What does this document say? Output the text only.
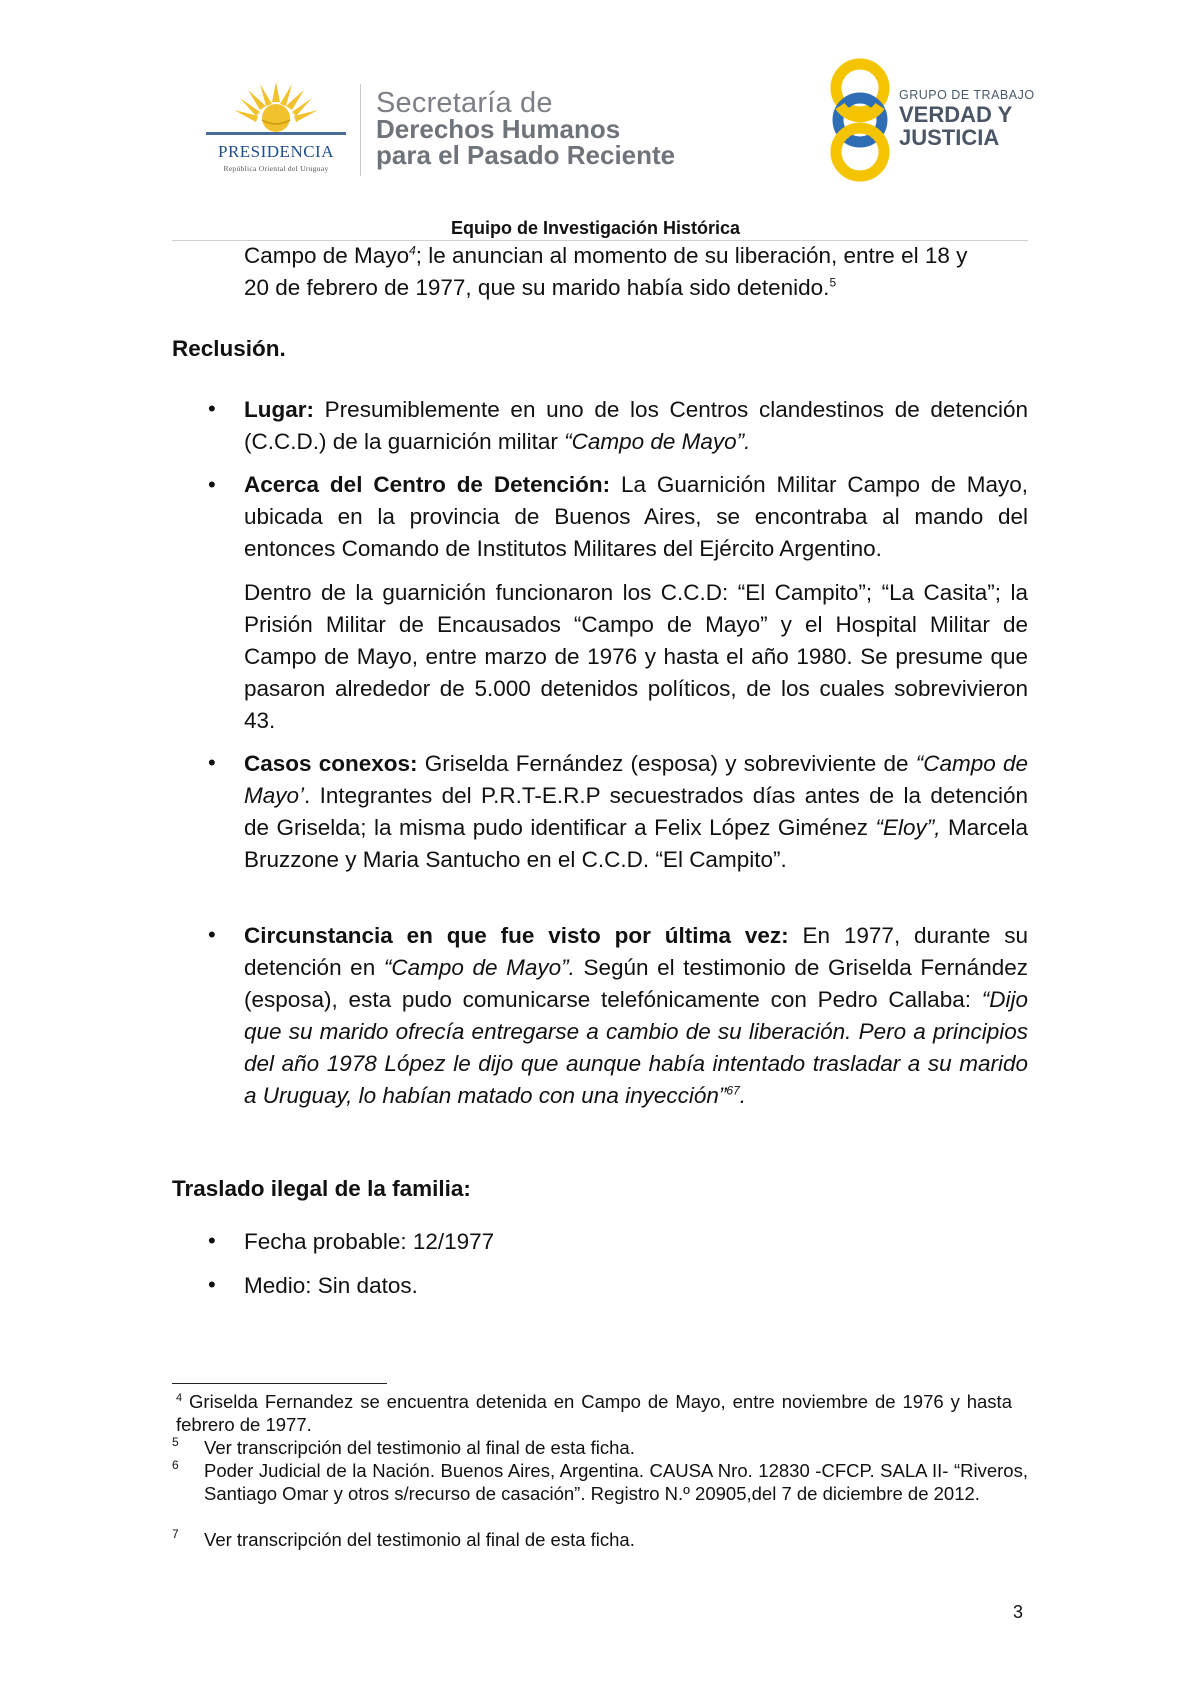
PRESIDENCIA
República Oriental del Uruguay
Secretaría de
Derechos Humanos
para el Pasado Reciente
GRUPO DE TRABAJO
VERDAD Y
JUSTICIA
Equipo de Investigación Histórica
Campo de Mayo$^4$; le anuncian al momento de su liberación, entre el 18 y
20 de febrero de 1977, que su marido había sido detenido.$^5$
Reclusión.
• Lugar: Presumiblemente en uno de los Centros clandestinos de detención (C.C.D.) de la guarnición militar “Campo de Mayo”.
• Acerca del Centro de Detención: La Guarnición Militar Campo de Mayo, ubicada en la provincia de Buenos Aires, se encontraba al mando del entonces Comando de Institutos Militares del Ejército Argentino.
Dentro de la guarnición funcionaron los C.C.D: “El Campito”; “La Casita”; la Prisión Militar de Encausados “Campo de Mayo” y el Hospital Militar de Campo de Mayo, entre marzo de 1976 y hasta el año 1980. Se presume que pasaron alrededor de 5.000 detenidos políticos, de los cuales sobrevivieron 43.
• Casos conexos: Griselda Fernández (esposa) y sobreviviente de “Campo de Mayo’. Integrantes del P.R.T-E.R.P secuestrados días antes de la detención de Griselda; la misma pudo identificar a Felix López Giménez “Eloy”, Marcela Bruzzone y Maria Santucho en el C.C.D. “El Campito”.
• Circunstancia en que fue visto por última vez: En 1977, durante su detención en “Campo de Mayo”. Según el testimonio de Griselda Fernández (esposa), esta pudo comunicarse telefónicamente con Pedro Callaba: “Dijo que su marido ofrecía entregarse a cambio de su liberación. Pero a principios del año 1978 López le dijo que aunque había intentado trasladar a su marido a Uruguay, lo habían matado con una inyección”$^{67}$.
Traslado ilegal de la familia:
• Fecha probable: 12/1977
• Medio: Sin datos.
$^4$ Griselda Fernandez se encuentra detenida en Campo de Mayo, entre noviembre de 1976 y hasta febrero de 1977.
5 Ver transcripción del testimonio al final de esta ficha.
6 Poder Judicial de la Nación. Buenos Aires, Argentina. CAUSA Nro. 12830 -CFCP. SALA II- “Riveros, Santiago Omar y otros s/recurso de casación”. Registro N.º 20905,del 7 de diciembre de 2012.
7 Ver transcripción del testimonio al final de esta ficha.
3
